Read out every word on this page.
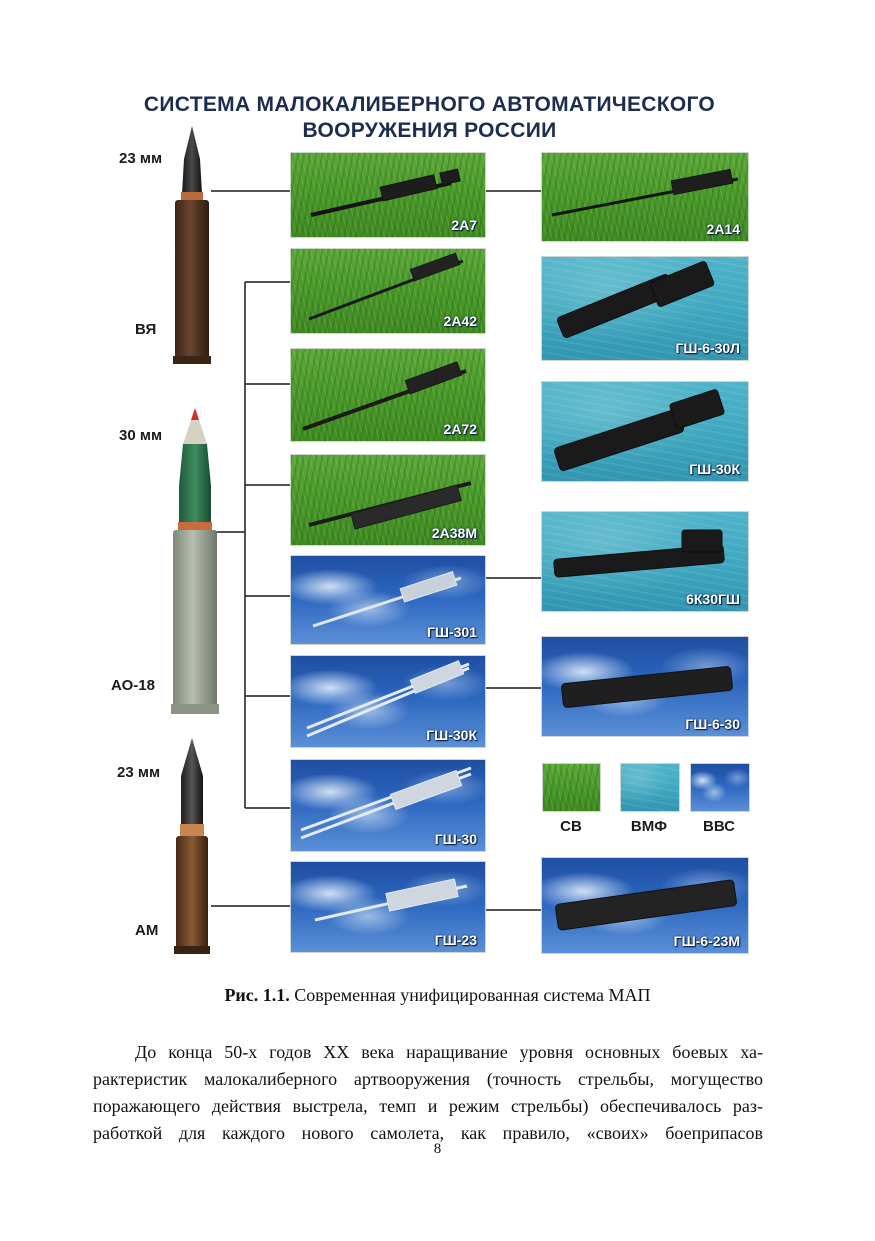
СИСТЕМА МАЛОКАЛИБЕРНОГО АВТОМАТИЧЕСКОГО
ВООРУЖЕНИЯ РОССИИ
23 мм
ВЯ
30 мм
АО-18
23 мм
АМ
2А7
2А42
2А72
2А38М
ГШ-301
ГШ-30К
ГШ-30
ГШ-23
2А14
ГШ-6-30Л
ГШ-30К
6К30ГШ
ГШ-6-30
ГШ-6-23М
СВ	ВМФ	ВВС
Рис. 1.1. Современная унифицированная система МАП
До конца 50-х годов XX века наращивание уровня основных боевых ха-
рактеристик малокалиберного артвооружения (точность стрельбы, могущество
поражающего действия выстрела, темп и режим стрельбы) обеспечивалось раз-
работкой для каждого нового самолета, как правило, «своих» боеприпасов
8
